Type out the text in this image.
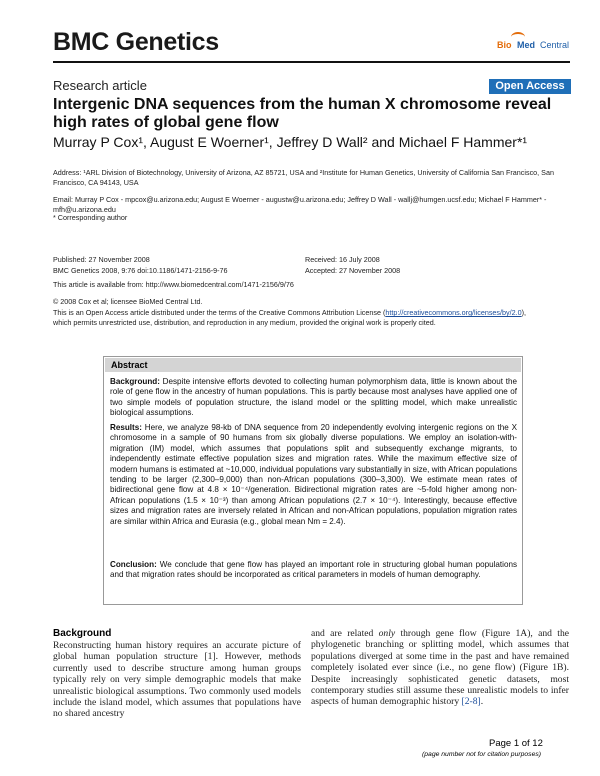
BMC Genetics	Bio Med Central
Research article	Open Access
Intergenic DNA sequences from the human X chromosome reveal high rates of global gene flow
Murray P Cox¹, August E Woerner¹, Jeffrey D Wall² and Michael F Hammer*¹
Address: ¹ARL Division of Biotechnology, University of Arizona, AZ 85721, USA and ²Institute for Human Genetics, University of California San Francisco, San Francisco, CA 94143, USA
Email: Murray P Cox - mpcox@u.arizona.edu; August E Woerner - augustw@u.arizona.edu; Jeffrey D Wall - wallj@humgen.ucsf.edu; Michael F Hammer* - mfh@u.arizona.edu
* Corresponding author
Published: 27 November 2008
BMC Genetics 2008, 9:76 doi:10.1186/1471-2156-9-76
Received: 16 July 2008
Accepted: 27 November 2008
This article is available from: http://www.biomedcentral.com/1471-2156/9/76
© 2008 Cox et al; licensee BioMed Central Ltd.
This is an Open Access article distributed under the terms of the Creative Commons Attribution License (http://creativecommons.org/licenses/by/2.0),
which permits unrestricted use, distribution, and reproduction in any medium, provided the original work is properly cited.
Abstract
Background: Despite intensive efforts devoted to collecting human polymorphism data, little is known about the role of gene flow in the ancestry of human populations. This is partly because most analyses have applied one of two simple models of population structure, the island model or the splitting model, which make unrealistic biological assumptions.
Results: Here, we analyze 98-kb of DNA sequence from 20 independently evolving intergenic regions on the X chromosome in a sample of 90 humans from six globally diverse populations. We employ an isolation-with-migration (IM) model, which assumes that populations split and subsequently exchange migrants, to independently estimate effective population sizes and migration rates. While the maximum effective size of modern humans is estimated at ~10,000, individual populations vary substantially in size, with African populations tending to be larger (2,300–9,000) than non-African populations (300–3,300). We estimate mean rates of bidirectional gene flow at 4.8 × 10⁻⁴/generation. Bidirectional migration rates are ~5-fold higher among non-African populations (1.5 × 10⁻³) than among African populations (2.7 × 10⁻⁴). Interestingly, because effective sizes and migration rates are inversely related in African and non-African populations, population migration rates are similar within Africa and Eurasia (e.g., global mean Nm = 2.4).
Conclusion: We conclude that gene flow has played an important role in structuring global human populations and that migration rates should be incorporated as critical parameters in models of human demography.
Background
Reconstructing human history requires an accurate picture of global human population structure [1]. However, methods currently used to describe structure among human groups typically rely on very simple demographic models that make unrealistic biological assumptions. Two commonly used models include the island model, which assumes that populations have no shared ancestry
and are related only through gene flow (Figure 1A), and the phylogenetic branching or splitting model, which assumes that populations diverged at some time in the past and have remained completely isolated ever since (i.e., no gene flow) (Figure 1B). Despite increasingly sophisticated genetic datasets, most contemporary studies still assume these unrealistic models to infer aspects of human demographic history [2-8].
Page 1 of 12
(page number not for citation purposes)
